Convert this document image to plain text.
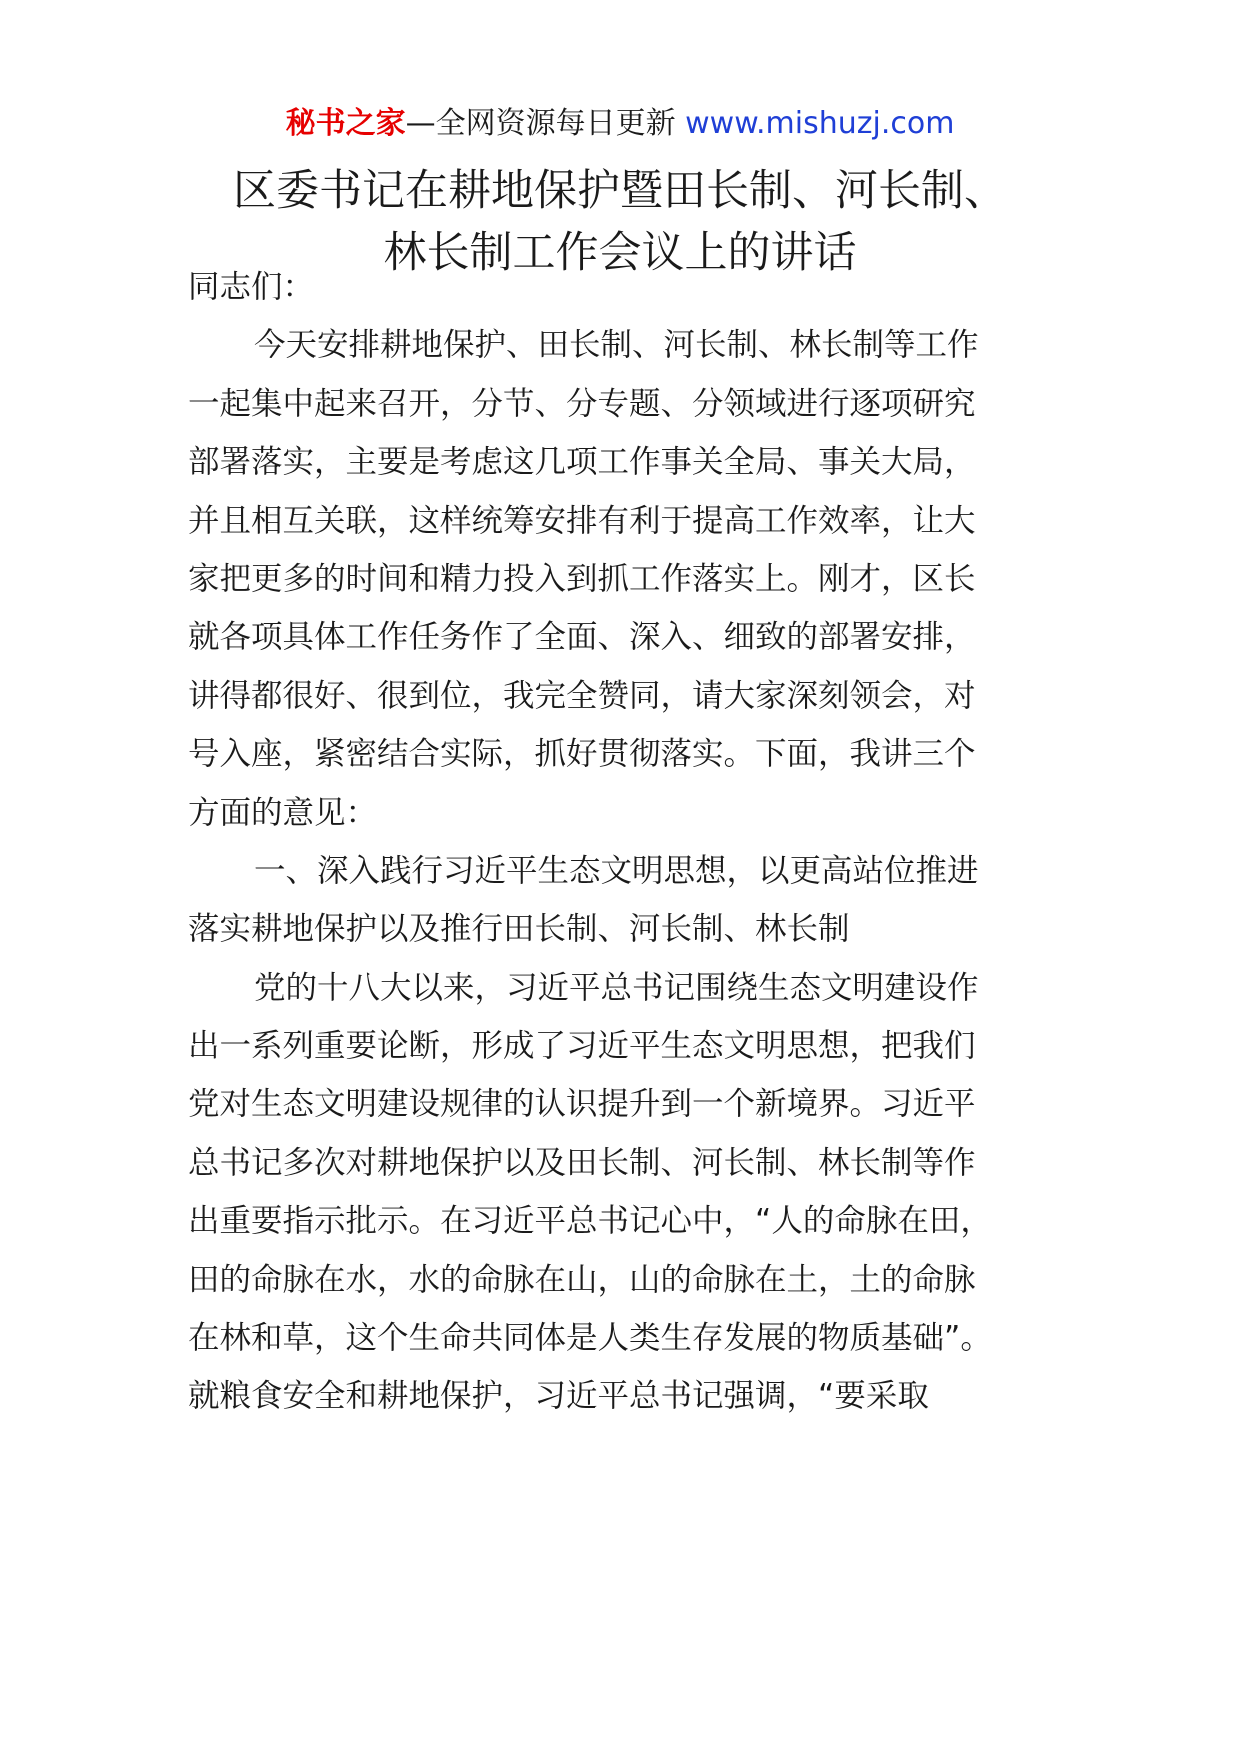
秘书之家—全网资源每日更新 www.mishuzj.com
区委书记在耕地保护暨田长制、河长制、
林长制工作会议上的讲话
同志们：
今天安排耕地保护、田长制、河长制、林长制等工作
一起集中起来召开，分节、分专题、分领域进行逐项研究
部署落实，主要是考虑这几项工作事关全局、事关大局，
并且相互关联，这样统筹安排有利于提高工作效率，让大
家把更多的时间和精力投入到抓工作落实上。刚才，区长
就各项具体工作任务作了全面、深入、细致的部署安排，
讲得都很好、很到位，我完全赞同，请大家深刻领会，对
号入座，紧密结合实际，抓好贯彻落实。下面，我讲三个
方面的意见：
一、深入践行习近平生态文明思想，以更高站位推进
落实耕地保护以及推行田长制、河长制、林长制
党的十八大以来，习近平总书记围绕生态文明建设作
出一系列重要论断，形成了习近平生态文明思想，把我们
党对生态文明建设规律的认识提升到一个新境界。习近平
总书记多次对耕地保护以及田长制、河长制、林长制等作
出重要指示批示。在习近平总书记心中，“人的命脉在田，
田的命脉在水，水的命脉在山，山的命脉在土，土的命脉
在林和草，这个生命共同体是人类生存发展的物质基础”。
就粮食安全和耕地保护，习近平总书记强调，“要采取
